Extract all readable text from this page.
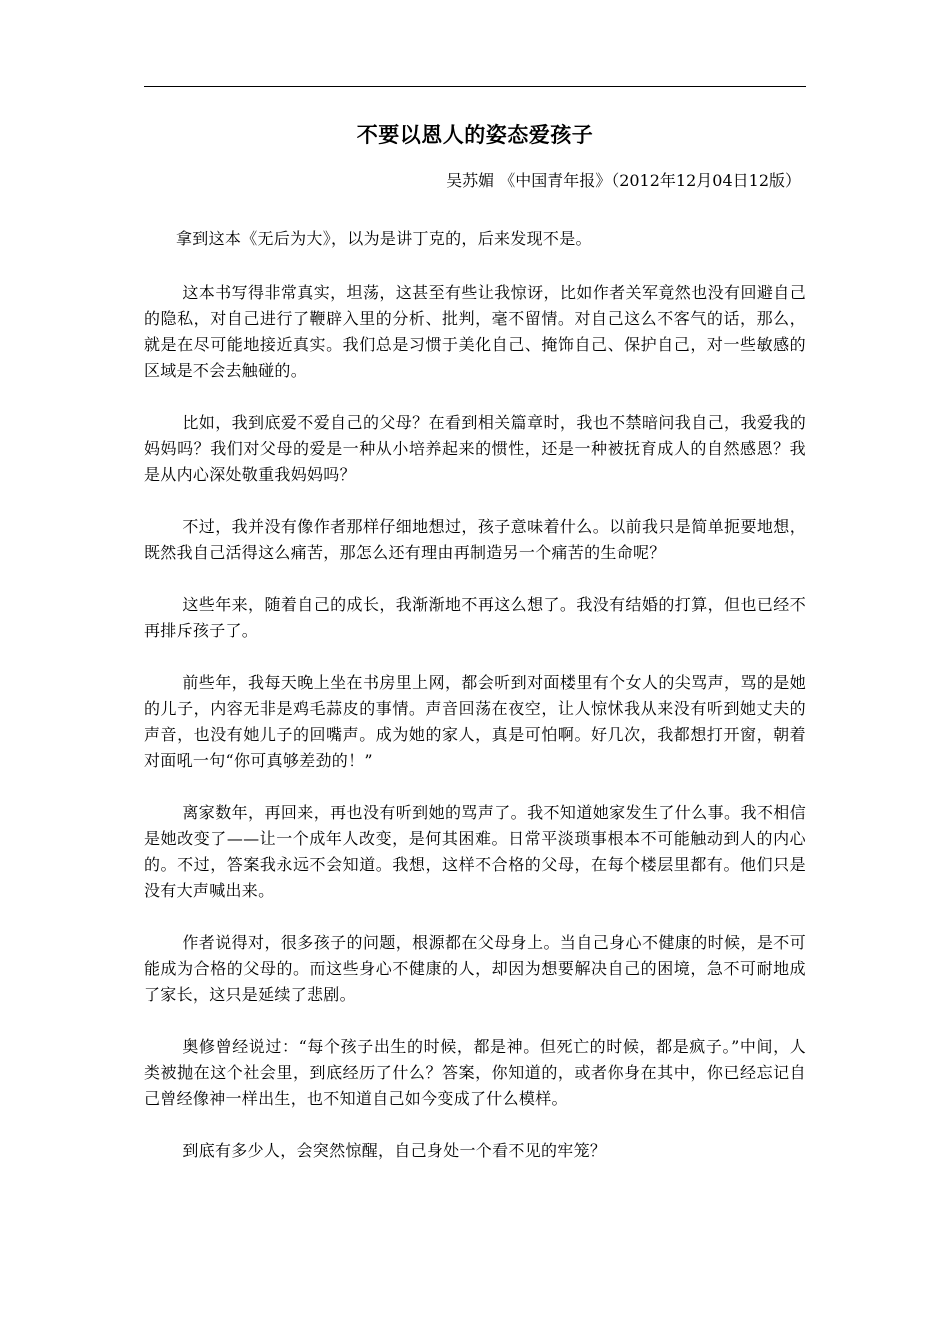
不要以恩人的姿态爱孩子
吴苏媚 《中国青年报》（2012年12月04日12版）

拿到这本《无后为大》，以为是讲丁克的，后来发现不是。

这本书写得非常真实，坦荡，这甚至有些让我惊讶，比如作者关军竟然也没有回避自己的隐私，对自己进行了鞭辟入里的分析、批判，毫不留情。对自己这么不客气的话，那么，就是在尽可能地接近真实。我们总是习惯于美化自己、掩饰自己、保护自己，对一些敏感的区域是不会去触碰的。

比如，我到底爱不爱自己的父母？在看到相关篇章时，我也不禁暗问我自己，我爱我的妈妈吗？我们对父母的爱是一种从小培养起来的惯性，还是一种被抚育成人的自然感恩？我是从内心深处敬重我妈妈吗？

不过，我并没有像作者那样仔细地想过，孩子意味着什么。以前我只是简单扼要地想，既然我自己活得这么痛苦，那怎么还有理由再制造另一个痛苦的生命呢？

这些年来，随着自己的成长，我渐渐地不再这么想了。我没有结婚的打算，但也已经不再排斥孩子了。

前些年，我每天晚上坐在书房里上网，都会听到对面楼里有个女人的尖骂声，骂的是她的儿子，内容无非是鸡毛蒜皮的事情。声音回荡在夜空，让人惊怵我从来没有听到她丈夫的声音，也没有她儿子的回嘴声。成为她的家人，真是可怕啊。好几次，我都想打开窗，朝着对面吼一句“你可真够差劲的！”

离家数年，再回来，再也没有听到她的骂声了。我不知道她家发生了什么事。我不相信是她改变了——让一个成年人改变，是何其困难。日常平淡琐事根本不可能触动到人的内心的。不过，答案我永远不会知道。我想，这样不合格的父母，在每个楼层里都有。他们只是没有大声喊出来。

作者说得对，很多孩子的问题，根源都在父母身上。当自己身心不健康的时候，是不可能成为合格的父母的。而这些身心不健康的人，却因为想要解决自己的困境，急不可耐地成了家长，这只是延续了悲剧。

奥修曾经说过：“每个孩子出生的时候，都是神。但死亡的时候，都是疯子。”中间，人类被抛在这个社会里，到底经历了什么？答案，你知道的，或者你身在其中，你已经忘记自己曾经像神一样出生，也不知道自己如今变成了什么模样。

到底有多少人，会突然惊醒，自己身处一个看不见的牢笼？
